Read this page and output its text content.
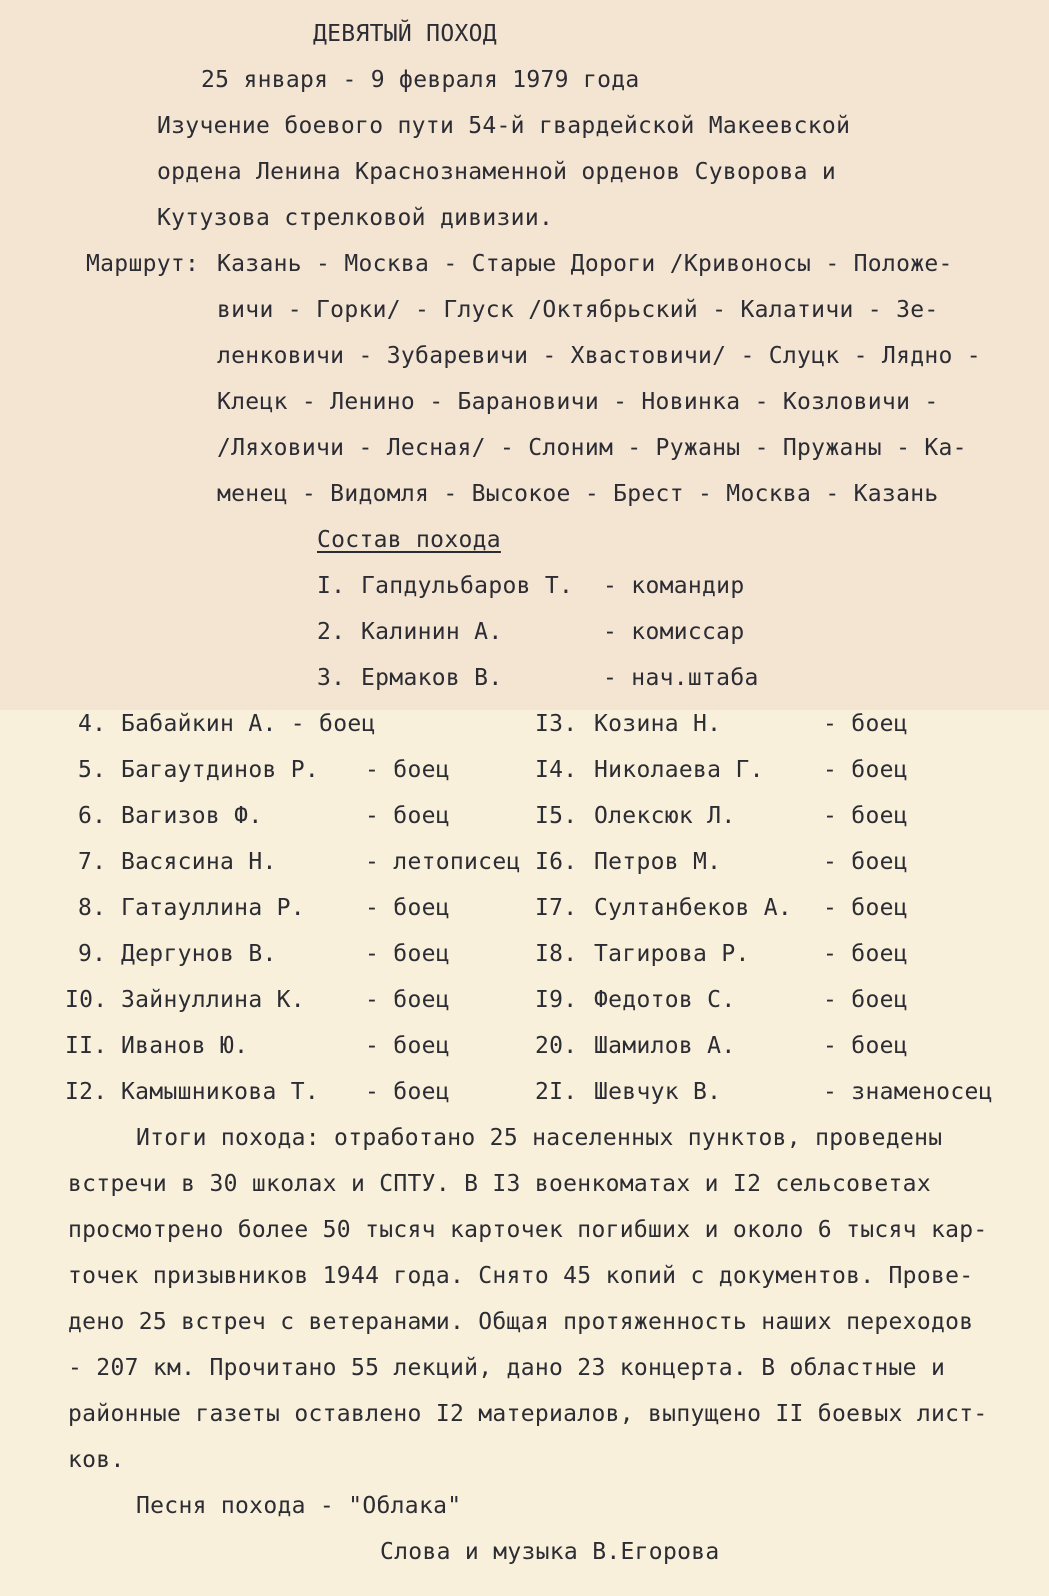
ДЕВЯТЫЙ ПОХОД
25 января - 9 февраля 1979 года
Изучение боевого пути 54-й гвардейской Макеевской
ордена Ленина Краснознаменной орденов Суворова и
Кутузова стрелковой дивизии.
Маршрут: Казань - Москва - Старые Дороги /Кривоносы - Положе-
вичи - Горки/ - Глуск /Октябрьский - Калатичи - Зе-
ленковичи - Зубаревичи - Хвастовичи/ - Слуцк - Лядно -
Клецк - Ленино - Барановичи - Новинка - Козловичи -
/Ляховичи - Лесная/ - Слоним - Ружаны - Пружаны - Ка-
менец - Видомля - Высокое - Брест - Москва - Казань
Состав похода
I. Гапдульбаров Т. - командир
2. Калинин А.	- комиссар
3. Ермаков В.	- нач.штаба
4. Бабайкин А. - боец
5. Багаутдинов Р. - боец
6. Вагизов Ф.	- боец
7. Васясина Н.	- летописец
8. Гатауллина Р.	- боец
9. Дергунов В.	- боец
I0. Зайнуллина К.	- боец
II. Иванов Ю.	- боец
I2. Камышникова Т. - боец
I3. Козина Н.	- боец
I4. Николаева Г.	- боец
I5. Олексюк Л.	- боец
I6. Петров М.	- боец
I7. Султанбеков А. - боец
I8. Тагирова Р.	- боец
I9. Федотов С.	- боец
20. Шамилов А.	- боец
2I. Шевчук В.	- знаменосец
Итоги похода: отработано 25 населенных пунктов, проведены
встречи в 30 школах и СПТУ. В I3 военкоматах и I2 сельсоветах
просмотрено более 50 тысяч карточек погибших и около 6 тысяч кар-
точек призывников 1944 года. Снято 45 копий с документов. Прове-
дено 25 встреч с ветеранами. Общая протяженность наших переходов
- 207 км. Прочитано 55 лекций, дано 23 концерта. В областные и
районные газеты оставлено I2 материалов, выпущено II боевых лист-
ков.
Песня похода - "Облака"
Слова и музыка В.Егорова
